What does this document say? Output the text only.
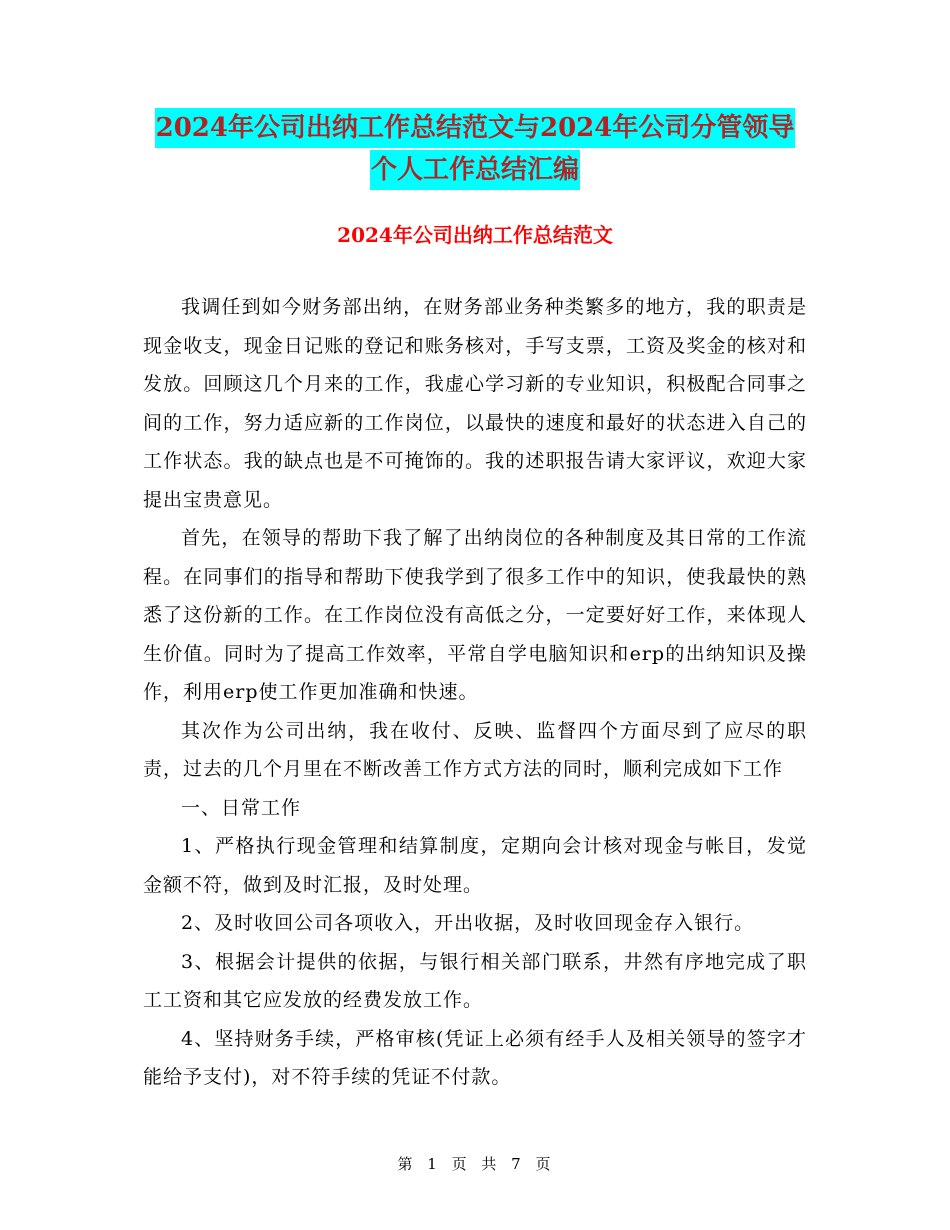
2024年公司出纳工作总结范文与2024年公司分管领导
个人工作总结汇编
2024年公司出纳工作总结范文

我调任到如今财务部出纳，在财务部业务种类繁多的地方，我的职责是现金收支，现金日记账的登记和账务核对，手写支票，工资及奖金的核对和发放。回顾这几个月来的工作，我虚心学习新的专业知识，积极配合同事之间的工作，努力适应新的工作岗位，以最快的速度和最好的状态进入自己的工作状态。我的缺点也是不可掩饰的。我的述职报告请大家评议，欢迎大家提出宝贵意见。

首先，在领导的帮助下我了解了出纳岗位的各种制度及其日常的工作流程。在同事们的指导和帮助下使我学到了很多工作中的知识，使我最快的熟悉了这份新的工作。在工作岗位没有高低之分，一定要好好工作，来体现人生价值。同时为了提高工作效率，平常自学电脑知识和erp的出纳知识及操作，利用erp使工作更加准确和快速。

其次作为公司出纳，我在收付、反映、监督四个方面尽到了应尽的职责，过去的几个月里在不断改善工作方式方法的同时，顺利完成如下工作

一、日常工作

1、严格执行现金管理和结算制度，定期向会计核对现金与帐目，发觉金额不符，做到及时汇报，及时处理。

2、及时收回公司各项收入，开出收据，及时收回现金存入银行。

3、根据会计提供的依据，与银行相关部门联系，井然有序地完成了职工工资和其它应发放的经费发放工作。

4、坚持财务手续，严格审核(凭证上必须有经手人及相关领导的签字才能给予支付)，对不符手续的凭证不付款。

第 1 页 共 7 页
